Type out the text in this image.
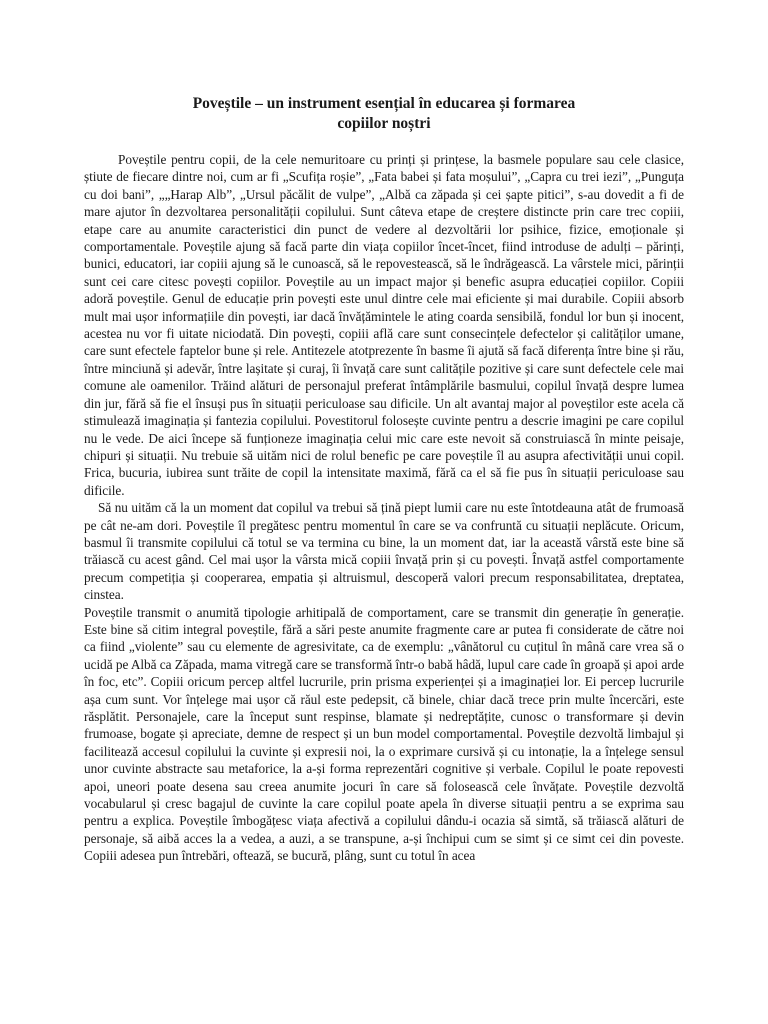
Poveștile – un instrument esențial în educarea și formarea
copiilor noștri

Poveștile pentru copii, de la cele nemuritoare cu prinți și prințese, la basmele populare sau cele clasice, știute de fiecare dintre noi, cum ar fi „Scufița roșie”, „Fata babei și fata moșului”, „Capra cu trei iezi”, „Punguța cu doi bani”, „„Harap Alb”, „Ursul păcălit de vulpe”, „Albă ca zăpada și cei șapte pitici”, s-au dovedit a fi de mare ajutor în dezvoltarea personalității copilului. Sunt câteva etape de creștere distincte prin care trec copiii, etape care au anumite caracteristici din punct de vedere al dezvoltării lor psihice, fizice, emoționale și comportamentale. Poveștile ajung să facă parte din viața copiilor încet-încet, fiind introduse de adulți – părinți, bunici, educatori, iar copiii ajung să le cunoască, să le repovestească, să le îndrăgească. La vârstele mici, părinții sunt cei care citesc povești copiilor. Poveștile au un impact major și benefic asupra educației copiilor. Copiii adoră poveștile. Genul de educație prin povești este unul dintre cele mai eficiente și mai durabile. Copiii absorb mult mai ușor informațiile din povești, iar dacă învățămintele le ating coarda sensibilă, fondul lor bun și inocent, acestea nu vor fi uitate niciodată. Din povești, copiii află care sunt consecințele defectelor și calităților umane, care sunt efectele faptelor bune și rele. Antitezele atotprezente în basme îi ajută să facă diferența între bine și rău, între minciună și adevăr, între lașitate și curaj, îi învață care sunt calitățile pozitive și care sunt defectele cele mai comune ale oamenilor. Trăind alături de personajul preferat întâmplările basmului, copilul învață despre lumea din jur, fără să fie el însuși pus în situații periculoase sau dificile. Un alt avantaj major al poveștilor este acela că stimulează imaginația și fantezia copilului. Povestitorul folosește cuvinte pentru a descrie imagini pe care copilul nu le vede. De aici începe să funționeze imaginația celui mic care este nevoit să construiască în minte peisaje, chipuri și situații. Nu trebuie să uităm nici de rolul benefic pe care poveștile îl au asupra afectivității unui copil. Frica, bucuria, iubirea sunt trăite de copil la intensitate maximă, fără ca el să fie pus în situații periculoase sau dificile.

Să nu uităm că la un moment dat copilul va trebui să țină piept lumii care nu este întotdeauna atât de frumoasă pe cât ne-am dori. Poveștile îl pregătesc pentru momentul în care se va confruntă cu situații neplăcute. Oricum, basmul îi transmite copilului că totul se va termina cu bine, la un moment dat, iar la această vârstă este bine să trăiască cu acest gând. Cel mai ușor la vârsta mică copiii învață prin și cu povești. Învață astfel comportamente precum competiția și cooperarea, empatia și altruismul, descoperă valori precum responsabilitatea, dreptatea, cinstea.

Poveștile transmit o anumită tipologie arhitipală de comportament, care se transmit din generație în generație. Este bine să citim integral poveștile, fără a sări peste anumite fragmente care ar putea fi considerate de către noi ca fiind „violente” sau cu elemente de agresivitate, ca de exemplu: „vânătorul cu cuțitul în mână care vrea să o ucidă pe Albă ca Zăpada, mama vitregă care se transformă într-o babă hâdă, lupul care cade în groapă și apoi arde în foc, etc”. Copiii oricum percep altfel lucrurile, prin prisma experienței și a imaginației lor. Ei percep lucrurile așa cum sunt. Vor înțelege mai ușor că răul este pedepsit, că binele, chiar dacă trece prin multe încercări, este răsplătit. Personajele, care la început sunt respinse, blamate și nedreptățite, cunosc o transformare și devin frumoase, bogate și apreciate, demne de respect și un bun model comportamental. Poveștile dezvoltă limbajul și facilitează accesul copilului la cuvinte și expresii noi, la o exprimare cursivă și cu intonație, la a înțelege sensul unor cuvinte abstracte sau metaforice, la a-și forma reprezentări cognitive și verbale. Copilul le poate repovesti apoi, uneori poate desena sau creea anumite jocuri în care să folosească cele învățate. Poveștile dezvoltă vocabularul și cresc bagajul de cuvinte la care copilul poate apela în diverse situații pentru a se exprima sau pentru a explica. Poveștile îmbogățesc viața afectivă a copilului dându-i ocazia să simtă, să trăiască alături de personaje, să aibă acces la a vedea, a auzi, a se transpune, a-și închipui cum se simt și ce simt cei din poveste. Copiii adesea pun întrebări, oftează, se bucură, plâng, sunt cu totul în acea
